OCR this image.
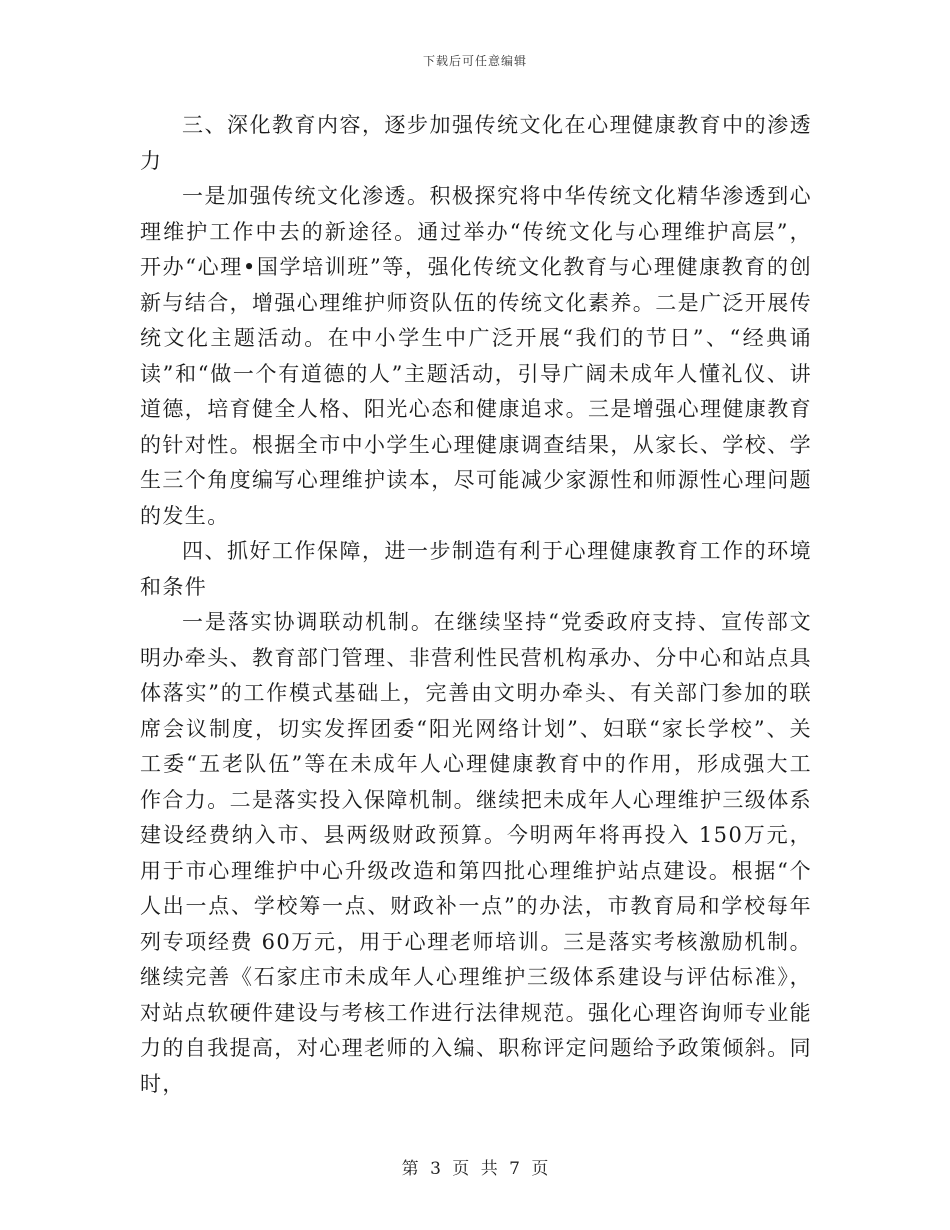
下载后可任意编辑

三、深化教育内容，逐步加强传统文化在心理健康教育中的渗透力

一是加强传统文化渗透。积极探究将中华传统文化精华渗透到心理维护工作中去的新途径。通过举办“传统文化与心理维护高层”，开办“心理•国学培训班”等，强化传统文化教育与心理健康教育的创新与结合，增强心理维护师资队伍的传统文化素养。二是广泛开展传统文化主题活动。在中小学生中广泛开展“我们的节日”、“经典诵读”和“做一个有道德的人”主题活动，引导广阔未成年人懂礼仪、讲道德，培育健全人格、阳光心态和健康追求。三是增强心理健康教育的针对性。根据全市中小学生心理健康调查结果，从家长、学校、学生三个角度编写心理维护读本，尽可能减少家源性和师源性心理问题的发生。

四、抓好工作保障，进一步制造有利于心理健康教育工作的环境和条件

一是落实协调联动机制。在继续坚持“党委政府支持、宣传部文明办牵头、教育部门管理、非营利性民营机构承办、分中心和站点具体落实”的工作模式基础上，完善由文明办牵头、有关部门参加的联席会议制度，切实发挥团委“阳光网络计划”、妇联“家长学校”、关工委“五老队伍”等在未成年人心理健康教育中的作用，形成强大工作合力。二是落实投入保障机制。继续把未成年人心理维护三级体系建设经费纳入市、县两级财政预算。今明两年将再投入 150万元，用于市心理维护中心升级改造和第四批心理维护站点建设。根据“个人出一点、学校筹一点、财政补一点”的办法，市教育局和学校每年列专项经费 60万元，用于心理老师培训。三是落实考核激励机制。继续完善《石家庄市未成年人心理维护三级体系建设与评估标准》，对站点软硬件建设与考核工作进行法律规范。强化心理咨询师专业能力的自我提高，对心理老师的入编、职称评定问题给予政策倾斜。同时，

第 3 页 共 7 页
